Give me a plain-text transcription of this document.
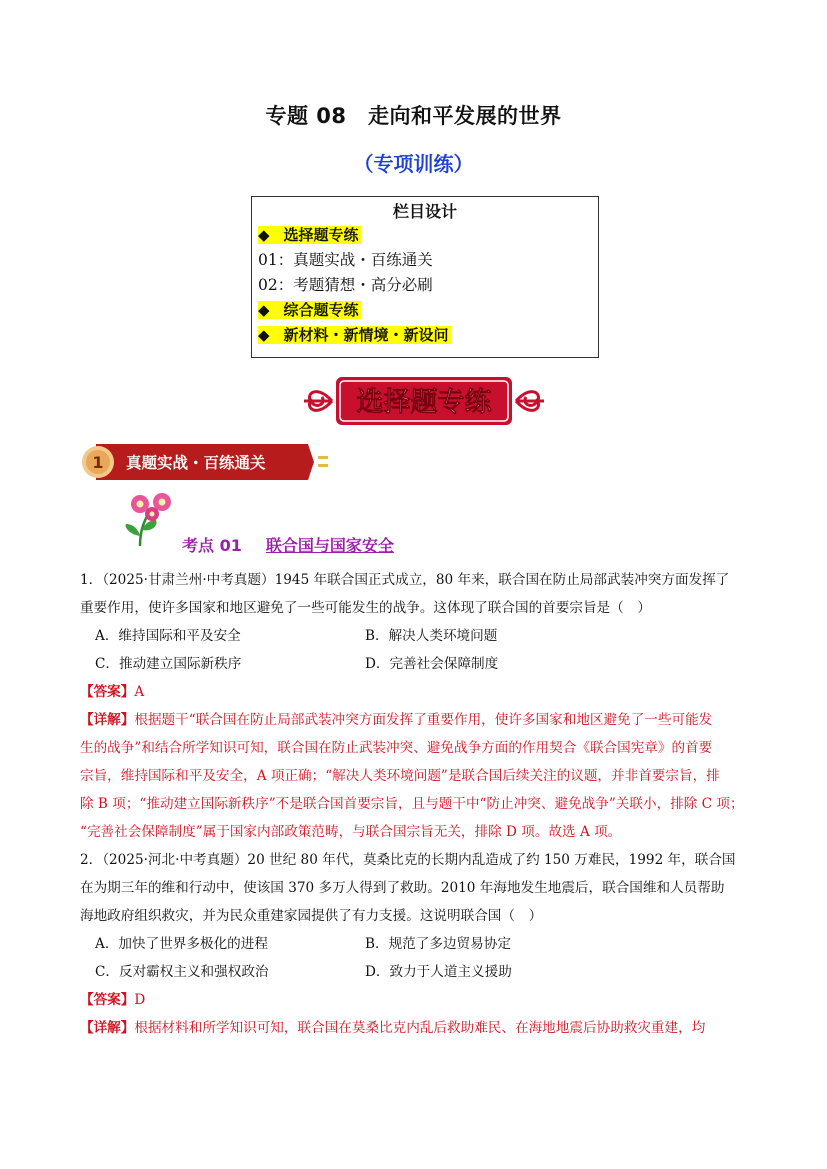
专题 08　走向和平发展的世界
（专项训练）
栏目设计
◆ 选择题专练
01：真题实战・百练通关
02：考题猜想・高分必刷
◆ 综合题专练
◆ 新材料・新情境・新设问
选择题专练
1 真题实战・百练通关
考点 01 联合国与国家安全
1．（2025·甘肃兰州·中考真题）1945 年联合国正式成立，80 年来，联合国在防止局部武装冲突方面发挥了
重要作用，使许多国家和地区避免了一些可能发生的战争。这体现了联合国的首要宗旨是（　）
A．维持国际和平及安全	B．解决人类环境问题
C．推动建立国际新秩序	D．完善社会保障制度
【答案】A
【详解】根据题干“联合国在防止局部武装冲突方面发挥了重要作用，使许多国家和地区避免了一些可能发
生的战争”和结合所学知识可知，联合国在防止武装冲突、避免战争方面的作用契合《联合国宪章》的首要
宗旨，维持国际和平及安全，A 项正确；“解决人类环境问题”是联合国后续关注的议题，并非首要宗旨，排
除 B 项；“推动建立国际新秩序”不是联合国首要宗旨，且与题干中“防止冲突、避免战争”关联小，排除 C 项；
“完善社会保障制度”属于国家内部政策范畴，与联合国宗旨无关，排除 D 项。故选 A 项。
2．（2025·河北·中考真题）20 世纪 80 年代，莫桑比克的长期内乱造成了约 150 万难民，1992 年，联合国
在为期三年的维和行动中，使该国 370 多万人得到了救助。2010 年海地发生地震后，联合国维和人员帮助
海地政府组织救灾，并为民众重建家园提供了有力支援。这说明联合国（　）
A．加快了世界多极化的进程	B．规范了多边贸易协定
C．反对霸权主义和强权政治	D．致力于人道主义援助
【答案】D
【详解】根据材料和所学知识可知，联合国在莫桑比克内乱后救助难民、在海地地震后协助救灾重建，均
